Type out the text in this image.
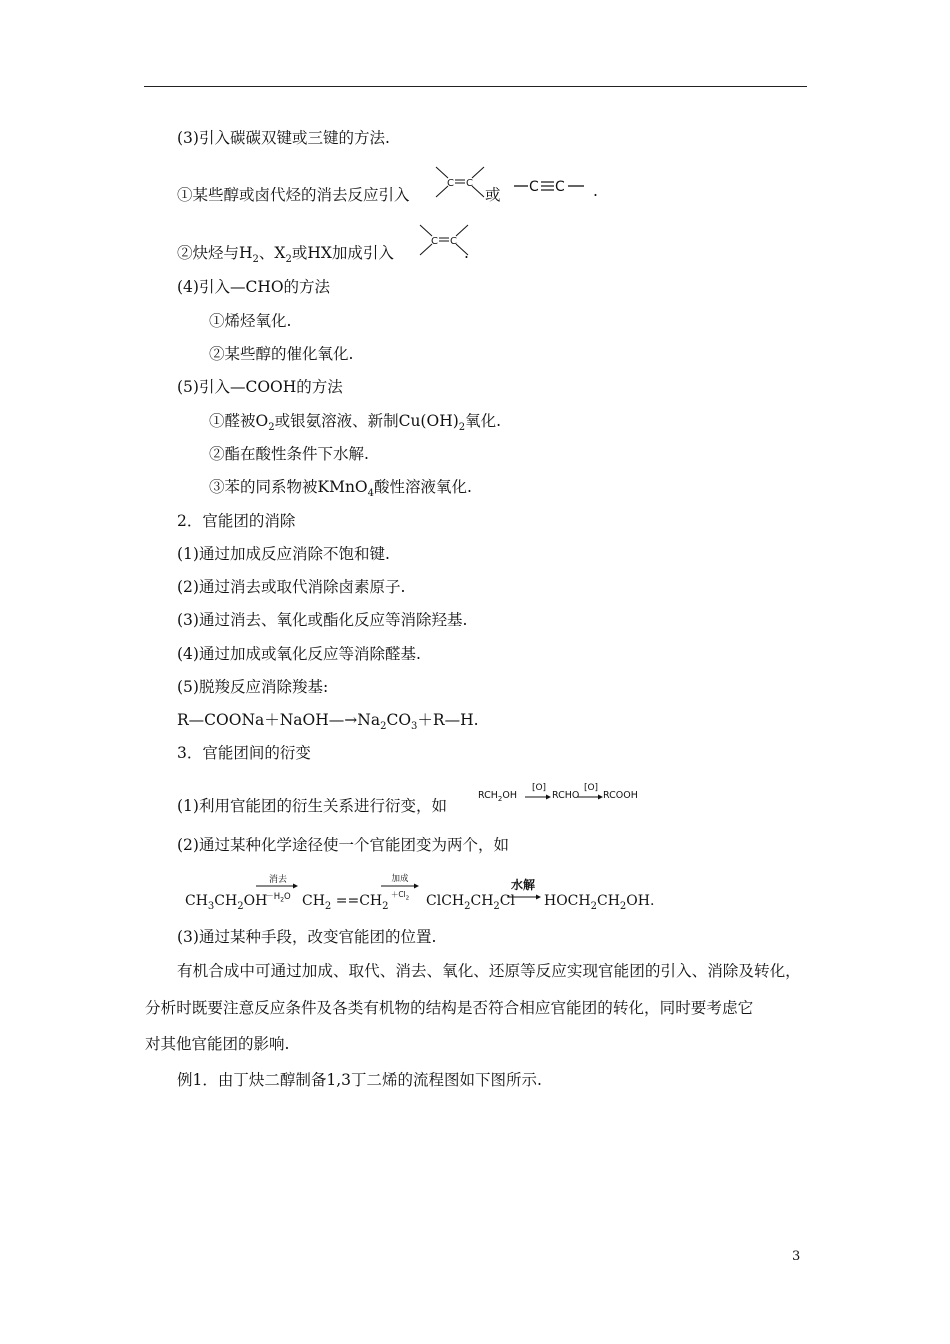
(3)引入碳碳双键或三键的方法.
①某些醇或卤代烃的消去反应引入
C C
或 C C .
②炔烃与$H_2$、$X_2$或HX加成引入
C C
.
(4)引入—CHO的方法
①烯烃氧化.
②某些醇的催化氧化.
(5)引入—COOH的方法
①醛被$O_2$或银氨溶液、新制$Cu(OH)_2$氧化.
②酯在酸性条件下水解.
③苯的同系物被KMnO$_4$酸性溶液氧化.
2．官能团的消除
(1)通过加成反应消除不饱和键.
(2)通过消去或取代消除卤素原子.
(3)通过消去、氧化或酯化反应等消除羟基.
(4)通过加成或氧化反应等消除醛基.
(5)脱羧反应消除羧基:
$R—COONa+NaOH—\to Na_2CO_3+R—H$.
3．官能团间的衍变
(1)利用官能团的衍生关系进行衍变，如
$RCH_2OH$
[O]
→ RCHO
[O]
→ RCOOH
(2)通过某种化学途径使一个官能团变为两个，如
$CH_3CH_2OH$
消去
$-H_2O$ $CH_2 ==CH_2$
加成
$+Cl_2$	$ClCH_2CH_2Cl$
水解
→ $HOCH_2CH_2OH$.
(3)通过某种手段，改变官能团的位置.
有机合成中可通过加成、取代、消去、氧化、还原等反应实现官能团的引入、消除及转化，
分析时既要注意反应条件及各类有机物的结构是否符合相应官能团的转化，同时要考虑它
对其他官能团的影响.
例1．由丁炔二醇制备1,3丁二烯的流程图如下图所示.
3
